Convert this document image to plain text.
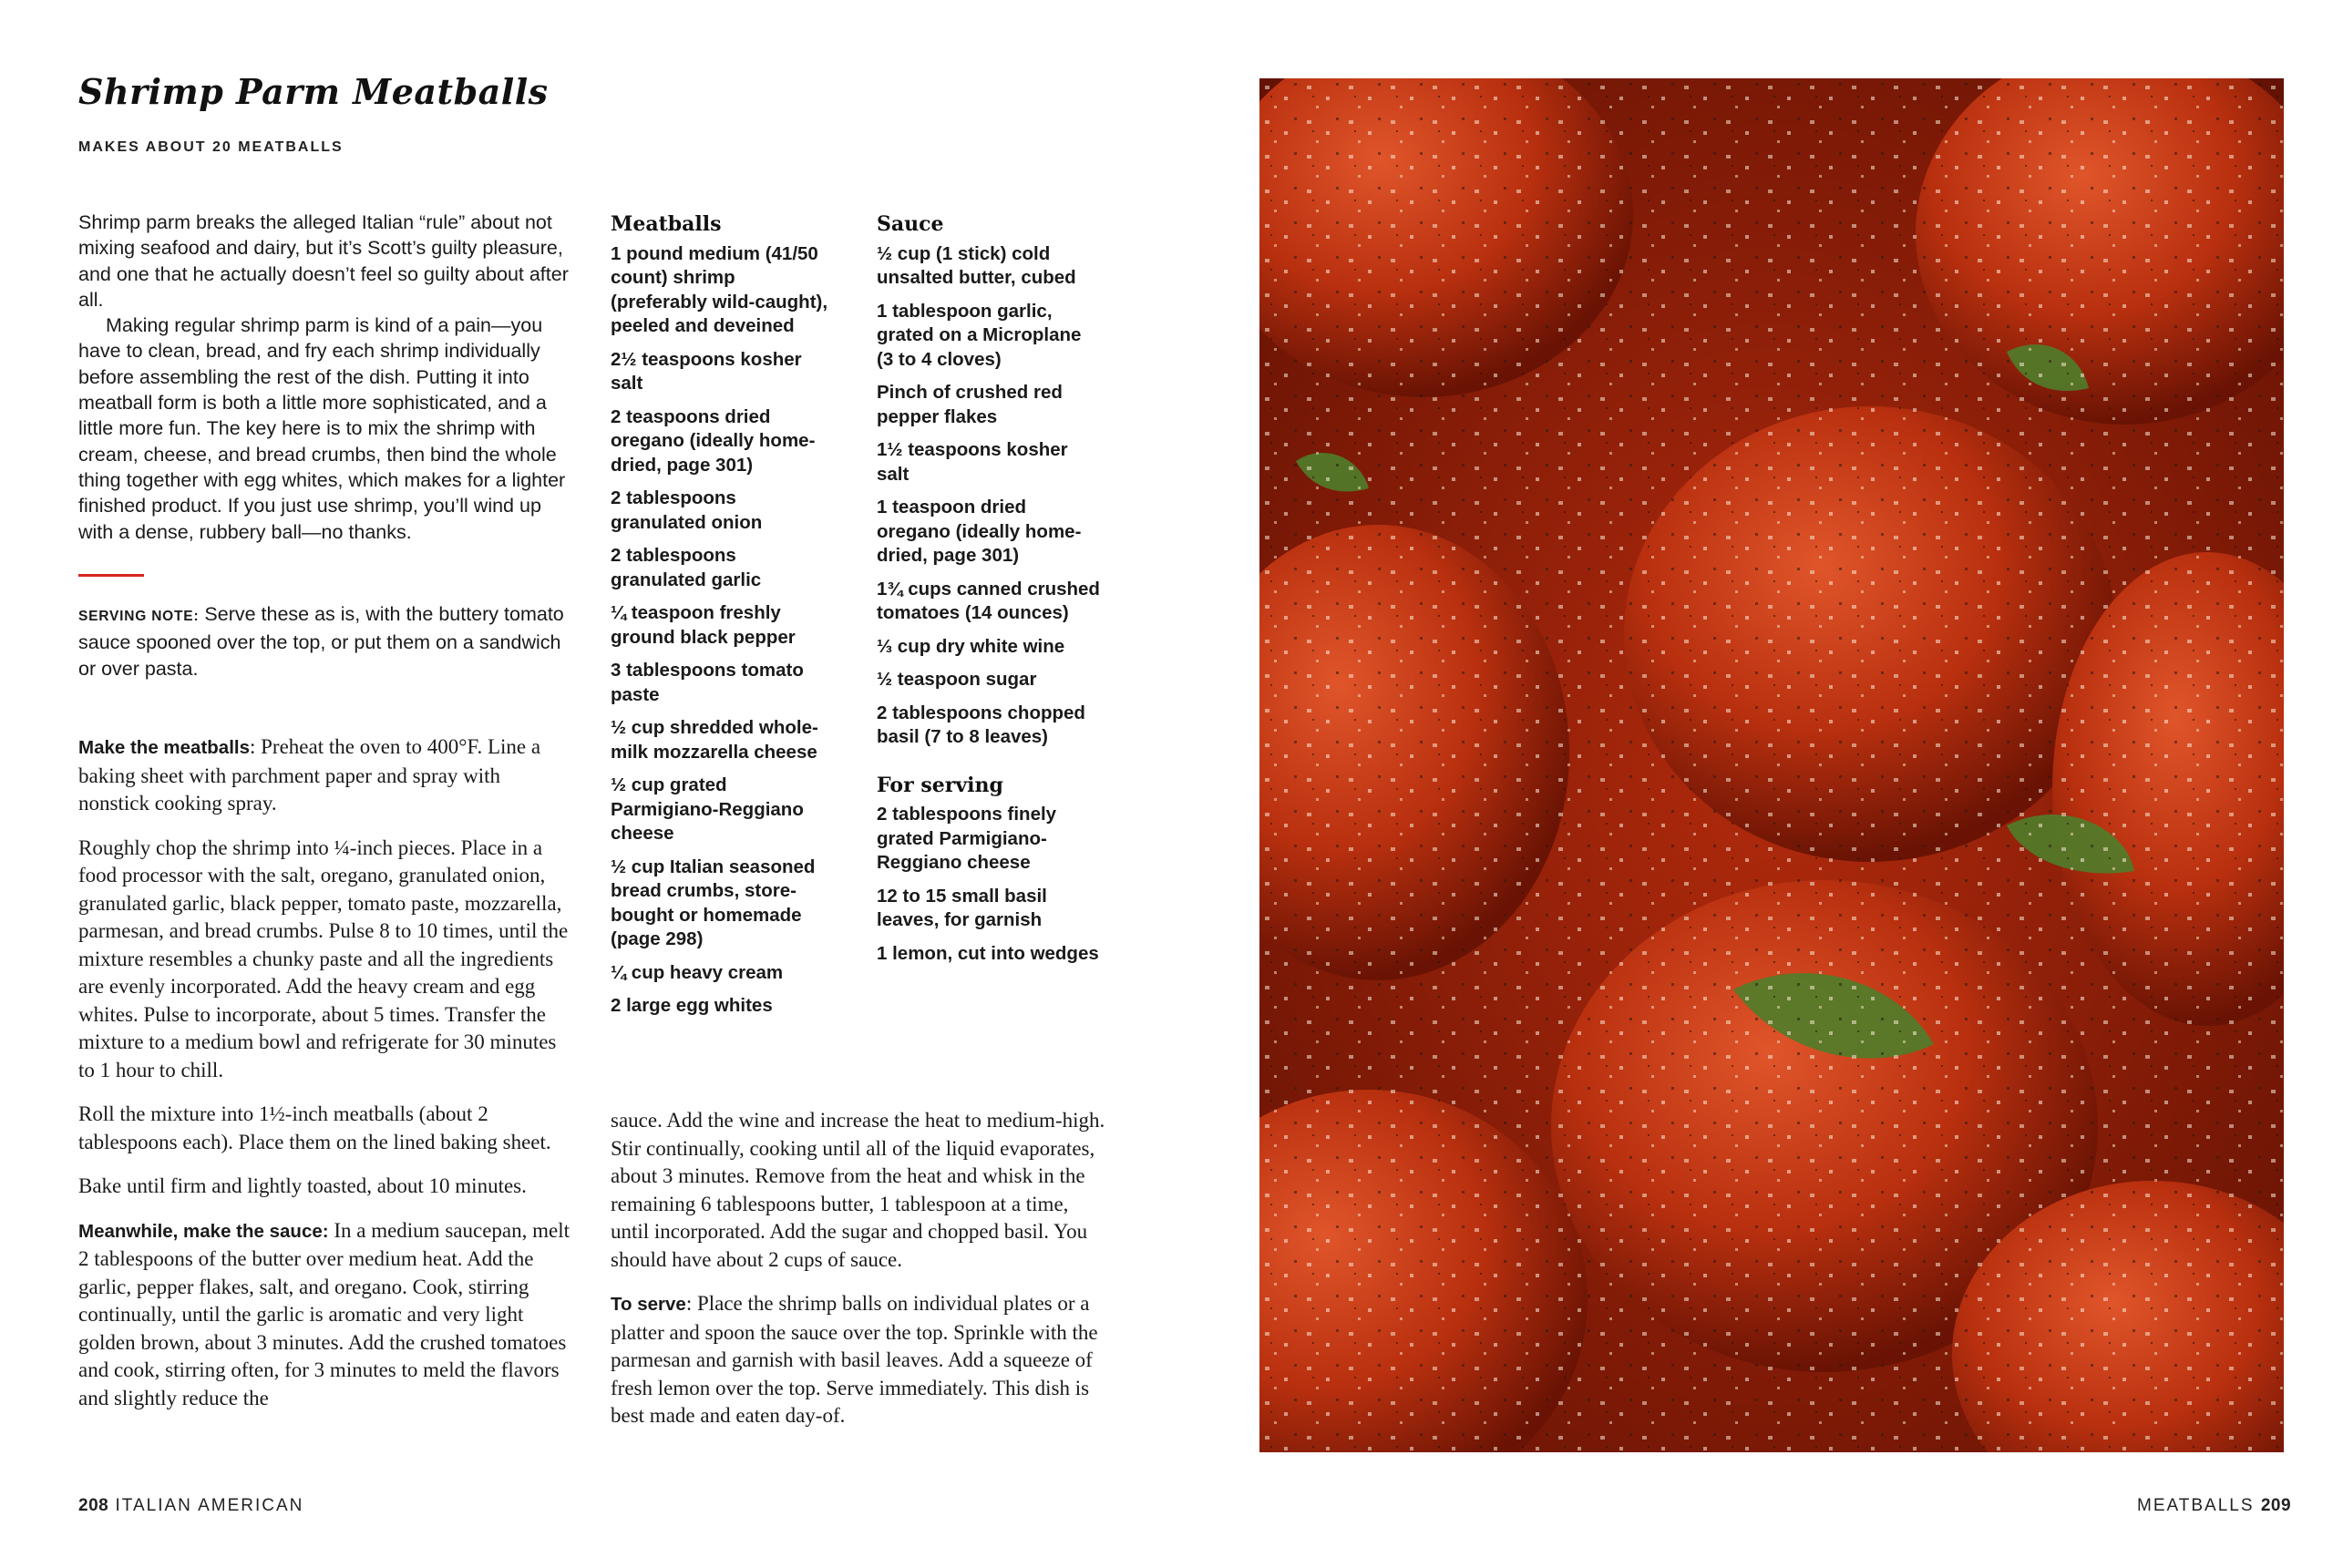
Shrimp Parm Meatballs

MAKES ABOUT 20 MEATBALLS

Shrimp parm breaks the alleged Italian “rule” about not mixing seafood and dairy, but it’s Scott’s guilty pleasure, and one that he actually doesn’t feel so guilty about after all.

Making regular shrimp parm is kind of a pain—you have to clean, bread, and fry each shrimp individually before assembling the rest of the dish. Putting it into meatball form is both a little more sophisticated, and a little more fun. The key here is to mix the shrimp with cream, cheese, and bread crumbs, then bind the whole thing together with egg whites, which makes for a lighter finished product. If you just use shrimp, you’ll wind up with a dense, rubbery ball—no thanks.

SERVING NOTE: Serve these as is, with the buttery tomato sauce spooned over the top, or put them on a sandwich or over pasta.

Make the meatballs: Preheat the oven to 400°F. Line a baking sheet with parchment paper and spray with nonstick cooking spray.

Roughly chop the shrimp into ¼-inch pieces. Place in a food processor with the salt, oregano, granulated onion, granulated garlic, black pepper, tomato paste, mozzarella, parmesan, and bread crumbs. Pulse 8 to 10 times, until the mixture resembles a chunky paste and all the ingredients are evenly incorporated. Add the heavy cream and egg whites. Pulse to incorporate, about 5 times. Transfer the mixture to a medium bowl and refrigerate for 30 minutes to 1 hour to chill.

Roll the mixture into 1½-inch meatballs (about 2 tablespoons each). Place them on the lined baking sheet.

Bake until firm and lightly toasted, about 10 minutes.

Meanwhile, make the sauce: In a medium saucepan, melt 2 tablespoons of the butter over medium heat. Add the garlic, pepper flakes, salt, and oregano. Cook, stirring continually, until the garlic is aromatic and very light golden brown, about 3 minutes. Add the crushed tomatoes and cook, stirring often, for 3 minutes to meld the flavors and slightly reduce the

sauce. Add the wine and increase the heat to medium-high. Stir continually, cooking until all of the liquid evaporates, about 3 minutes. Remove from the heat and whisk in the remaining 6 tablespoons butter, 1 tablespoon at a time, until incorporated. Add the sugar and chopped basil. You should have about 2 cups of sauce.

To serve: Place the shrimp balls on individual plates or a platter and spoon the sauce over the top. Sprinkle with the parmesan and garnish with basil leaves. Add a squeeze of fresh lemon over the top. Serve immediately. This dish is best made and eaten day-of.

Meatballs
1 pound medium (41/50 count) shrimp (preferably wild-caught), peeled and deveined
2½ teaspoons kosher salt
2 teaspoons dried oregano (ideally home-dried, page 301)
2 tablespoons granulated onion
2 tablespoons granulated garlic
¼ teaspoon freshly ground black pepper
3 tablespoons tomato paste
½ cup shredded whole-milk mozzarella cheese
½ cup grated Parmigiano-Reggiano cheese
½ cup Italian seasoned bread crumbs, store-bought or homemade (page 298)
¼ cup heavy cream
2 large egg whites
Sauce
½ cup (1 stick) cold unsalted butter, cubed
1 tablespoon garlic, grated on a Microplane (3 to 4 cloves)
Pinch of crushed red pepper flakes
1½ teaspoons kosher salt
1 teaspoon dried oregano (ideally home-dried, page 301)
1¾ cups canned crushed tomatoes (14 ounces)
⅓ cup dry white wine
½ teaspoon sugar
2 tablespoons chopped basil (7 to 8 leaves)
For serving
2 tablespoons finely grated Parmigiano-Reggiano cheese
12 to 15 small basil leaves, for garnish
1 lemon, cut into wedges
208 ITALIAN AMERICAN	MEATBALLS 209
